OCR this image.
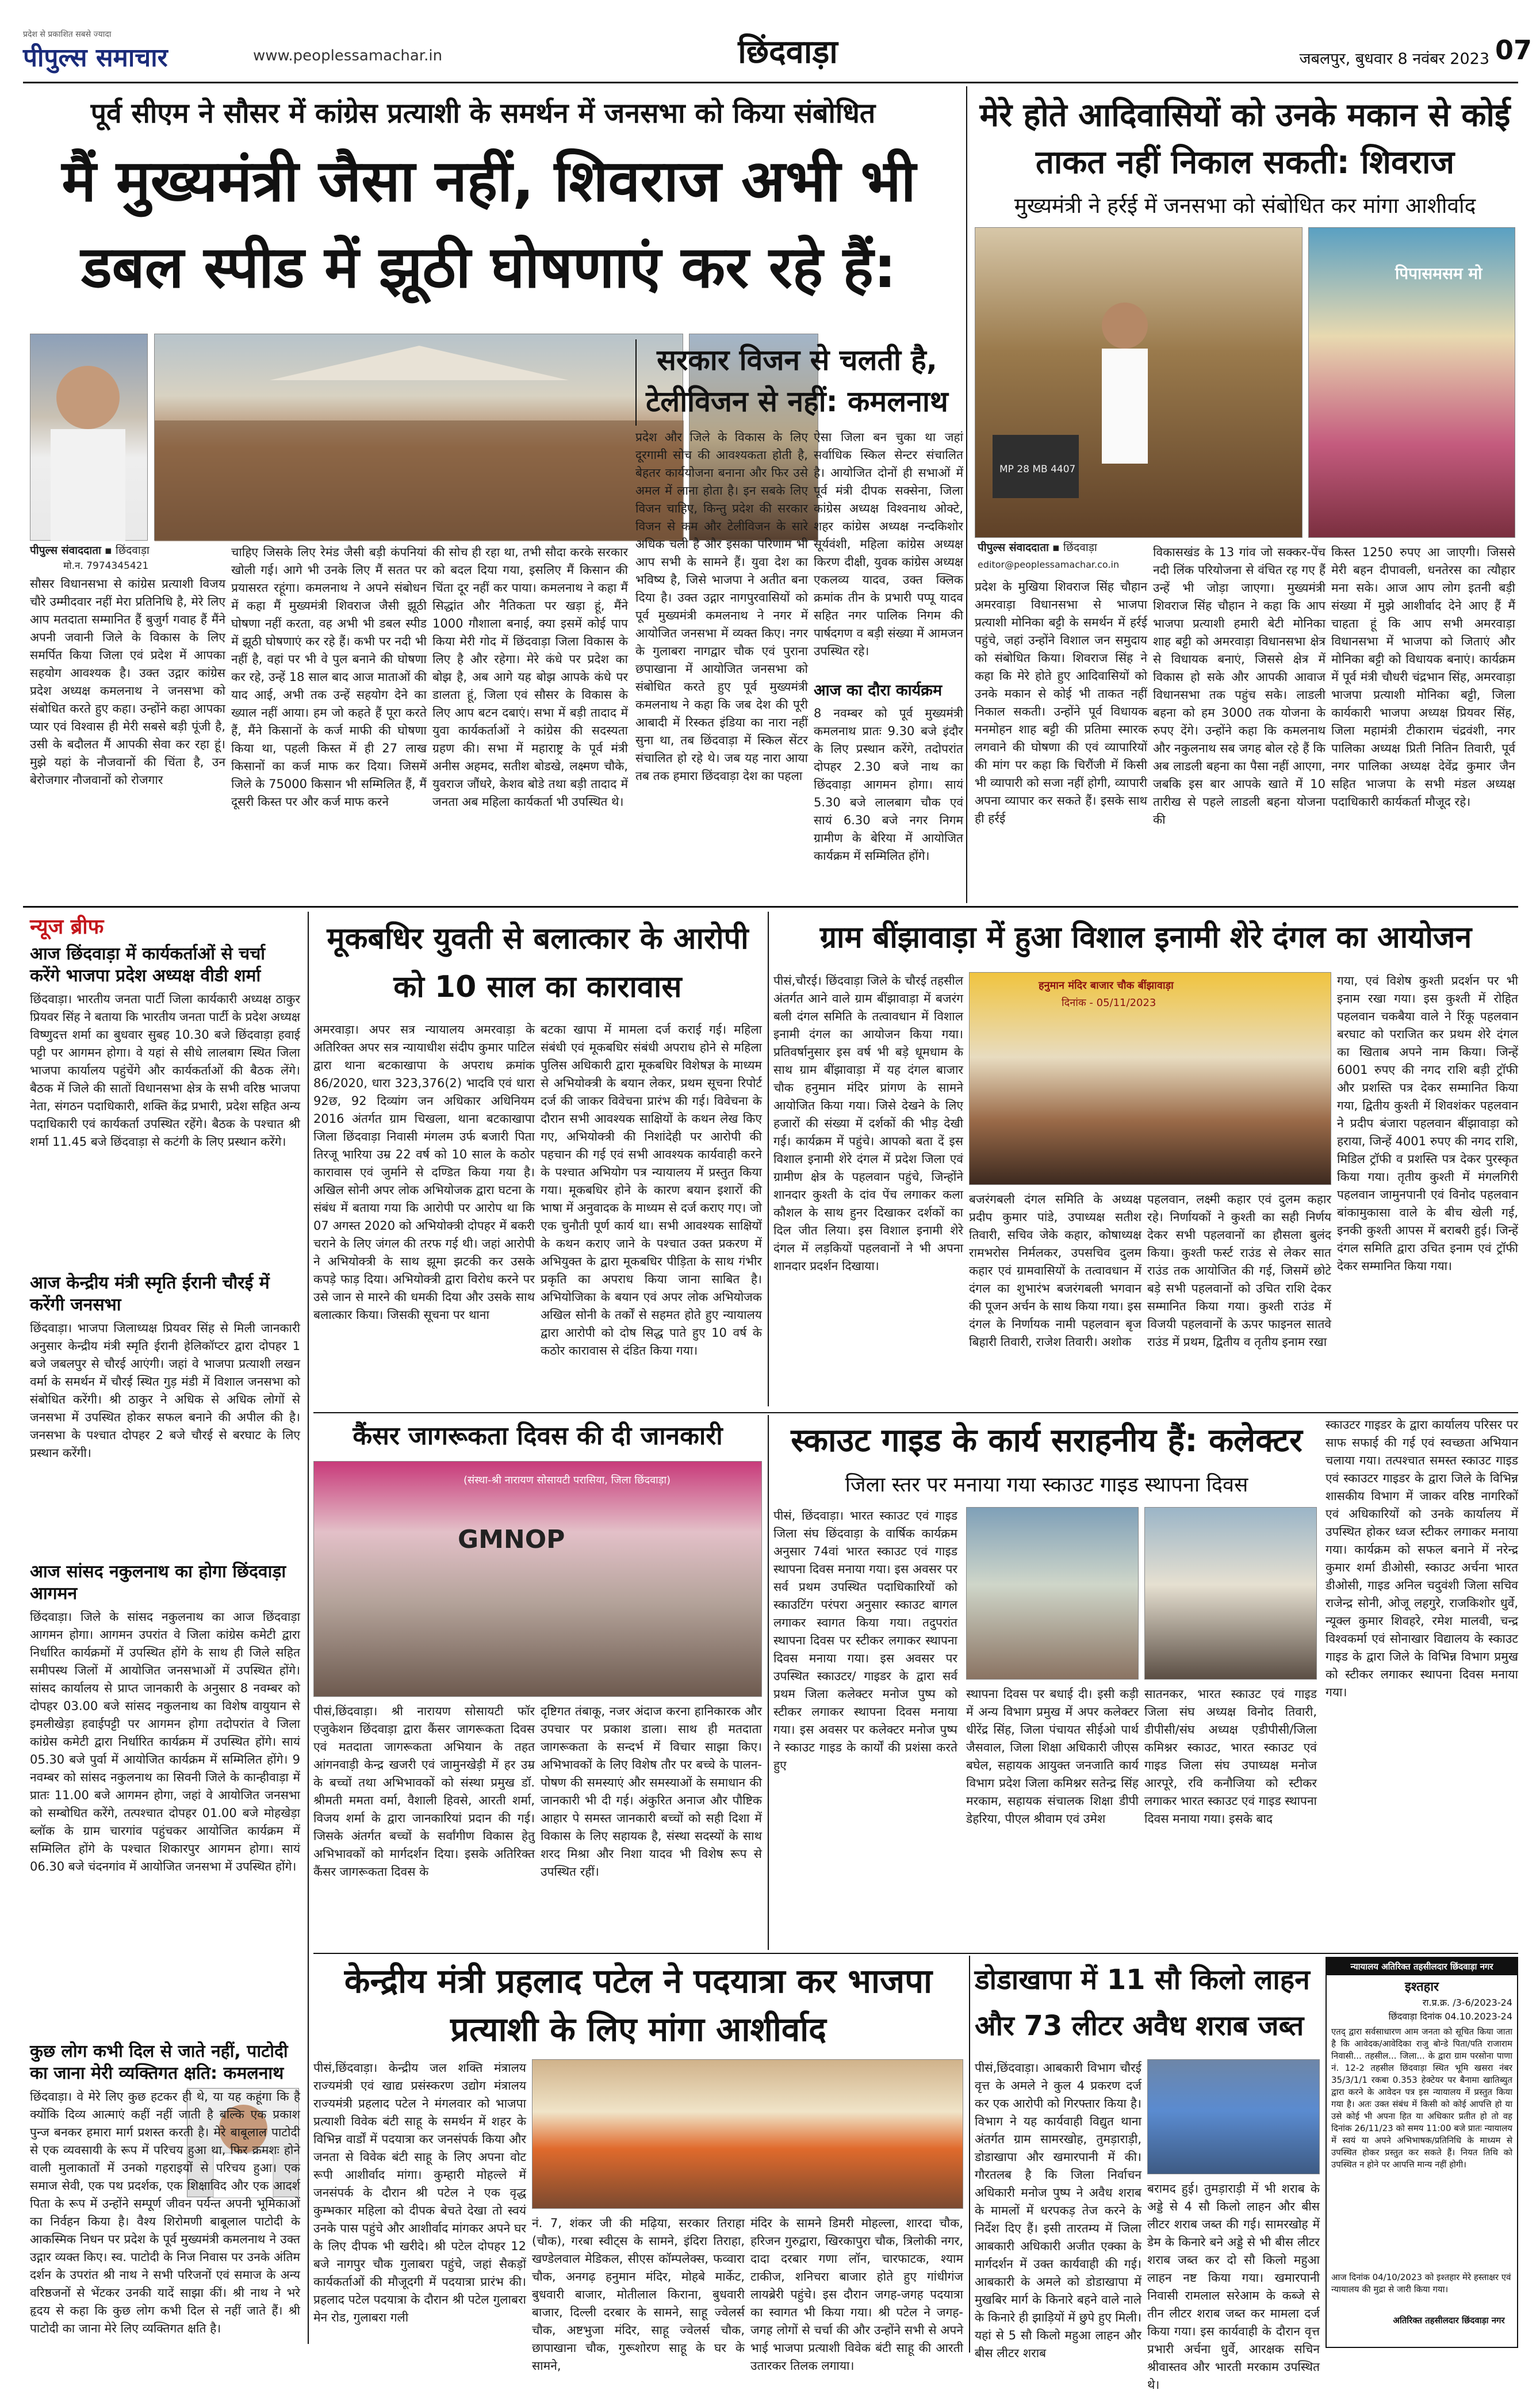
प्रदेश से प्रकाशित सबसे ज्यादा
पीपुल्स समाचार	www.peoplessamachar.in	छिंदवाड़ा	जबलपुर, बुधवार 8 नवंबर 2023 07
पूर्व सीएम ने सौसर में कांग्रेस प्रत्याशी के समर्थन में जनसभा को किया संबोधित
मैं मुख्यमंत्री जैसा नहीं, शिवराज अभी भी डबल स्पीड में झूठी घोषणाएं कर रहे हैं:
पीपुल्स संवाददाता ▪ छिंदवाड़ा
मो.न. 7974345421
सौसर विधानसभा से कांग्रेस प्रत्याशी विजय चौरे उम्मीदवार नहीं मेरा प्रतिनिधि है, मेरे लिए आप मतदाता सम्मानित हैं बुजुर्ग गवाह हैं मैंने अपनी जवानी जिले के विकास के लिए समर्पित किया जिला एवं प्रदेश में आपका सहयोग आवश्यक है। उक्त उद्गार कांग्रेस प्रदेश अध्यक्ष कमलनाथ ने जनसभा को संबोधित करते हुए कहा। उन्होंने कहा आपका प्यार एवं विश्वास ही मेरी सबसे बड़ी पूंजी है, उसी के बदौलत मैं आपकी सेवा कर रहा हूं। मुझे यहां के नौजवानों की चिंता है, उन बेरोजगार नौजवानों को रोजगार
चाहिए जिसके लिए रेमंड जैसी बड़ी कंपनियां खोली गई। आगे भी उनके लिए मैं सतत पर प्रयासरत रहूंगा। कमलनाथ ने अपने संबोधन में कहा मैं मुख्यमंत्री शिवराज जैसी झूठी घोषणा नहीं करता, वह अभी भी डबल स्पीड में झूठी घोषणाएं कर रहे हैं। कभी पर नदी भी नहीं है, वहां पर भी वे पुल बनाने की घोषणा कर रहे, उन्हें 18 साल बाद आज माताओं की याद आई, अभी तक उन्हें सहयोग देने का ख्याल नहीं आया। हम जो कहते हैं पूरा करते हैं, मैंने किसानों के कर्ज माफी की घोषणा किया था, पहली किस्त में ही 27 लाख किसानों का कर्ज माफ कर दिया। जिसमें जिले के 75000 किसान भी सम्मिलित हैं, मैं दूसरी किस्त पर और कर्ज माफ करने
की सोच ही रहा था, तभी सौदा करके सरकार को बदल दिया गया, इसलिए मैं किसान की चिंता दूर नहीं कर पाया। कमलनाथ ने कहा मैं सिद्धांत और नैतिकता पर खड़ा हूं, मैंने 1000 गौशाला बनाई, क्या इसमें कोई पाप किया मेरी गोद में छिंदवाड़ा जिला विकास के लिए है और रहेगा। मेरे कंधे पर प्रदेश का बोझ है, अब आगे यह बोझ आपके कंधे पर डालता हूं, जिला एवं सौसर के विकास के लिए आप बटन दबाएं। सभा में बड़ी तादाद में युवा कार्यकर्ताओं ने कांग्रेस की सदस्यता ग्रहण की। सभा में महाराष्ट्र के पूर्व मंत्री अनीस अहमद, सतीश बोडखे, लक्ष्मण चौके, युवराज जौंधरे, केशव बोडे तथा बड़ी तादाद में जनता अब महिला कार्यकर्ता भी उपस्थित थे।
सरकार विजन से चलती है, टेलीविजन से नहीं: कमलनाथ
प्रदेश और जिले के विकास के लिए दूरगामी सोच की आवश्यकता होती है, बेहतर कार्ययोजना बनाना और फिर उसे अमल में लाना होता है। इन सबके लिए विजन चाहिए, किन्तु प्रदेश की सरकार विजन से कम और टेलीविजन के सारे अधिक चली है और इसका परिणाम भी आप सभी के सामने हैं। युवा देश का भविष्य है, जिसे भाजपा ने अतीत बना दिया है। उक्त उद्गार नागपुरवासियों को पूर्व मुख्यमंत्री कमलनाथ ने नगर में आयोजित जनसभा में व्यक्त किए। नगर के गुलाबरा नागद्वार चौक एवं पुराना छपाखाना में आयोजित जनसभा को संबोधित करते हुए पूर्व मुख्यमंत्री कमलनाथ ने कहा कि जब देश की पूरी आबादी में रिस्कत इंडिया का नारा नहीं सुना था, तब छिंदवाड़ा में स्किल सेंटर संचालित हो रहे थे। जब यह नारा आया तब तक हमारा छिंदवाड़ा देश का पहला
ऐसा जिला बन चुका था जहां सर्वाधिक स्किल सेन्टर संचालित है। आयोजित दोनों ही सभाओं में पूर्व मंत्री दीपक सक्सेना, जिला कांग्रेस अध्यक्ष विश्वनाथ ओक्टे, शहर कांग्रेस अध्यक्ष नन्दकिशोर सूर्यवंशी, महिला कांग्रेस अध्यक्ष किरण दीक्षी, युवक कांग्रेस अध्यक्ष एकलव्य यादव, उक्त क्लिक क्रमांक तीन के प्रभारी पप्पू यादव सहित नगर पालिक निगम की पार्षदगण व बड़ी संख्या में आमजन उपस्थित रहे।
आज का दौरा कार्यक्रम
8 नवम्बर को पूर्व मुख्यमंत्री कमलनाथ प्रातः 9.30 बजे इंदौर के लिए प्रस्थान करेंगे, तदोपरांत दोपहर 2.30 बजे नाथ का छिंदवाड़ा आगमन होगा। सायं 5.30 बजे लालबाग चौक एवं सायं 6.30 बजे नगर निगम ग्रामीण के बेरिया में आयोजित कार्यक्रम में सम्मिलित होंगे।
मेरे होते आदिवासियों को उनके मकान से कोई ताकत नहीं निकाल सकती: शिवराज
मुख्यमंत्री ने हर्रई में जनसभा को संबोधित कर मांगा आशीर्वाद
MP 28 MB 4407
पिपासमसम मो
पीपुल्स संवाददाता ▪ छिंदवाड़ा
editor@peoplessamachar.co.in
प्रदेश के मुखिया शिवराज सिंह चौहान अमरवाड़ा विधानसभा से भाजपा प्रत्याशी मोनिका बट्टी के समर्थन में हर्रई पहुंचे, जहां उन्होंने विशाल जन समुदाय को संबोधित किया। शिवराज सिंह ने कहा कि मेरे होते हुए आदिवासियों को उनके मकान से कोई भी ताकत नहीं निकाल सकती। उन्होंने पूर्व विधायक मनमोहन शाह बट्टी की प्रतिमा स्मारक लगवाने की घोषणा की एवं व्यापारियों की मांग पर कहा कि चिरौंजी में किसी भी व्यापारी को सजा नहीं होगी, व्यापारी अपना व्यापार कर सकते हैं। इसके साथ ही हर्रई
विकासखंड के 13 गांव जो सक्कर-पेंच नदी लिंक परियोजना से वंचित रह गए हैं उन्हें भी जोड़ा जाएगा। मुख्यमंत्री शिवराज सिंह चौहान ने कहा कि आप भाजपा प्रत्याशी हमारी बेटी मोनिका शाह बट्टी को अमरवाड़ा विधानसभा क्षेत्र से विधायक बनाएं, जिससे क्षेत्र में विकास हो सके और आपकी आवाज विधानसभा तक पहुंच सके। लाडली बहना को हम 3000 तक योजना के रुपए देंगे। उन्होंने कहा कि कमलनाथ और नकुलनाथ सब जगह बोल रहे हैं कि अब लाडली बहना का पैसा नहीं आएगा, जबकि इस बार आपके खाते में 10 तारीख से पहले लाडली बहना योजना की
किस्त 1250 रुपए आ जाएगी। जिससे मेरी बहन दीपावली, धनतेरस का त्यौहार मना सके। आज आप लोग इतनी बड़ी संख्या में मुझे आशीर्वाद देने आए हैं मैं चाहता हूं कि आप सभी अमरवाड़ा विधानसभा में भाजपा को जिताएं और मोनिका बट्टी को विधायक बनाएं। कार्यक्रम में पूर्व मंत्री चौधरी चंद्रभान सिंह, अमरवाड़ा भाजपा प्रत्याशी मोनिका बट्टी, जिला कार्यकारी भाजपा अध्यक्ष प्रियवर सिंह, जिला महामंत्री टीकाराम चंद्रवंशी, नगर पालिका अध्यक्ष प्रिती नितिन तिवारी, पूर्व नगर पालिका अध्यक्ष देवेंद्र कुमार जैन सहित भाजपा के सभी मंडल अध्यक्ष पदाधिकारी कार्यकर्ता मौजूद रहे।
न्यूज ब्रीफ
आज छिंदवाड़ा में कार्यकर्ताओं से चर्चा करेंगे भाजपा प्रदेश अध्यक्ष वीडी शर्मा
छिंदवाड़ा। भारतीय जनता पार्टी जिला कार्यकारी अध्यक्ष ठाकुर प्रियवर सिंह ने बताया कि भारतीय जनता पार्टी के प्रदेश अध्यक्ष विष्णुदत्त शर्मा का बुधवार सुबह 10.30 बजे छिंदवाड़ा हवाई पट्टी पर आगमन होगा। वे यहां से सीधे लालबाग स्थित जिला भाजपा कार्यालय पहुंचेंगे और कार्यकर्ताओं की बैठक लेंगे। बैठक में जिले की सातों विधानसभा क्षेत्र के सभी वरिष्ठ भाजपा नेता, संगठन पदाधिकारी, शक्ति केंद्र प्रभारी, प्रदेश सहित अन्य पदाधिकारी एवं कार्यकर्ता उपस्थित रहेंगे। बैठक के पश्चात श्री शर्मा 11.45 बजे छिंदवाड़ा से कटंगी के लिए प्रस्थान करेंगे।
आज केन्द्रीय मंत्री स्मृति ईरानी चौरई में करेंगी जनसभा
छिंदवाड़ा। भाजपा जिलाध्यक्ष प्रियवर सिंह से मिली जानकारी अनुसार केन्द्रीय मंत्री स्मृति ईरानी हेलिकॉप्टर द्वारा दोपहर 1 बजे जबलपुर से चौरई आएंगी। जहां वे भाजपा प्रत्याशी लखन वर्मा के समर्थन में चौरई स्थित गुड़ मंडी में विशाल जनसभा को संबोधित करेंगी। श्री ठाकुर ने अधिक से अधिक लोगों से जनसभा में उपस्थित होकर सफल बनाने की अपील की है। जनसभा के पश्चात दोपहर 2 बजे चौरई से बरघाट के लिए प्रस्थान करेंगी।
आज सांसद नकुलनाथ का होगा छिंदवाड़ा आगमन
छिंदवाड़ा। जिले के सांसद नकुलनाथ का आज छिंदवाड़ा आगमन होगा। आगमन उपरांत वे जिला कांग्रेस कमेटी द्वारा निर्धारित कार्यक्रमों में उपस्थित होंगे के साथ ही जिले सहित समीपस्थ जिलों में आयोजित जनसभाओं में उपस्थित होंगे। सांसद कार्यालय से प्राप्त जानकारी के अनुसार 8 नवम्बर को दोपहर 03.00 बजे सांसद नकुलनाथ का विशेष वायुयान से इमलीखेड़ा हवाईपट्टी पर आगमन होगा तदोपरांत वे जिला कांग्रेस कमेटी द्वारा निर्धारित कार्यक्रम में उपस्थित होंगे। सायं 05.30 बजे पुर्वा में आयोजित कार्यक्रम में सम्मिलित होंगे। 9 नवम्बर को सांसद नकुलनाथ का सिवनी जिले के कान्हीवाड़ा में प्रातः 11.00 बजे आगमन होगा, जहां वे आयोजित जनसभा को सम्बोधित करेंगे, तत्पश्चात दोपहर 01.00 बजे मोहखेड़ा ब्लॉक के ग्राम चारगांव पहुंचकर आयोजित कार्यक्रम में सम्मिलित होंगे के पश्चात शिकारपुर आगमन होगा। सायं 06.30 बजे चंदनगांव में आयोजित जनसभा में उपस्थित होंगे।
कुछ लोग कभी दिल से जाते नहीं, पाटोदी का जाना मेरी व्यक्तिगत क्षति: कमलनाथ
छिंदवाड़ा। वे मेरे लिए कुछ हटकर ही थे, या यह कहूंगा कि है क्योंकि दिव्य आत्माएं कहीं नहीं जाती है बल्कि एक प्रकाश पुन्ज बनकर हमारा मार्ग प्रशस्त करती है। मेरे बाबूलाल पाटोदी से एक व्यवसायी के रूप में परिचय हुआ था, फिर क्रमशः होने वाली मुलाकातों में उनको गहराइयों से परिचय हुआ। एक समाज सेवी, एक पथ प्रदर्शक, एक शिक्षाविद और एक आदर्श पिता के रूप में उन्होंने सम्पूर्ण जीवन पर्यन्त अपनी भूमिकाओं का निर्वहन किया है। वैश्य शिरोमणी बाबूलाल पाटोदी के आकस्मिक निधन पर प्रदेश के पूर्व मुख्यमंत्री कमलनाथ ने उक्त उद्गार व्यक्त किए। स्व. पाटोदी के निज निवास पर उनके अंतिम दर्शन के उपरांत श्री नाथ ने सभी परिजनों एवं समाज के अन्य वरिष्ठजनों से भेंटकर उनकी यादें साझा कीं। श्री नाथ ने भरे हृदय से कहा कि कुछ लोग कभी दिल से नहीं जाते हैं। श्री पाटोदी का जाना मेरे लिए व्यक्तिगत क्षति है।
मूकबधिर युवती से बलात्कार के आरोपी को 10 साल का कारावास
अमरवाड़ा। अपर सत्र न्यायालय अमरवाड़ा के अतिरिक्त अपर सत्र न्यायाधीश संदीप कुमार पाटिल द्वारा थाना बटकाखापा के अपराध क्रमांक 86/2020, धारा 323,376(2) भादवि एवं धारा 92छ, 92 दिव्यांग जन अधिकार अधिनियम 2016 अंतर्गत ग्राम चिखला, थाना बटकाखापा जिला छिंदवाड़ा निवासी मंगलम उर्फ बजारी पिता तिरजू भारिया उम्र 22 वर्ष को 10 साल के कठोर कारावास एवं जुर्माने से दण्डित किया गया है। अखिल सोनी अपर लोक अभियोजक द्वारा घटना के संबंध में बताया गया कि आरोपी पर आरोप था कि 07 अगस्त 2020 को अभियोक्त्री दोपहर में बकरी चराने के लिए जंगल की तरफ गई थी। जहां आरोपी ने अभियोक्त्री के साथ झूमा झटकी कर उसके कपड़े फाड़ दिया। अभियोक्त्री द्वारा विरोध करने पर उसे जान से मारने की धमकी दिया और उसके साथ बलात्कार किया। जिसकी सूचना पर थाना
बटका खापा में मामला दर्ज कराई गई। महिला संबंधी एवं मूकबधिर संबंधी अपराध होने से महिला पुलिस अधिकारी द्वारा मूकबधिर विशेषज्ञ के माध्यम से अभियोक्त्री के बयान लेकर, प्रथम सूचना रिपोर्ट दर्ज की जाकर विवेचना प्रारंभ की गई। विवेचना के दौरान सभी आवश्यक साक्षियों के कथन लेख किए गए, अभियोक्त्री की निशांदेही पर आरोपी की पहचान की गई एवं सभी आवश्यक कार्यवाही करने के पश्चात अभियोग पत्र न्यायालय में प्रस्तुत किया गया। मूकबधिर होने के कारण बयान इशारों की भाषा में अनुवादक के माध्यम से दर्ज कराए गए। जो एक चुनौती पूर्ण कार्य था। सभी आवश्यक साक्षियों के कथन कराए जाने के पश्चात उक्त प्रकरण में अभियुक्त के द्वारा मूकबधिर पीड़िता के साथ गंभीर प्रकृति का अपराध किया जाना साबित है। अभियोजिका के बयान एवं अपर लोक अभियोजक अखिल सोनी के तर्कों से सहमत होते हुए न्यायालय द्वारा आरोपी को दोष सिद्ध पाते हुए 10 वर्ष के कठोर कारावास से दंडित किया गया।
ग्राम बींझावाड़ा में हुआ विशाल इनामी शेरे दंगल का आयोजन
पीसं,चौरई। छिंदवाड़ा जिले के चौरई तहसील अंतर्गत आने वाले ग्राम बींझावाड़ा में बजरंग बली दंगल समिति के तत्वावधान में विशाल इनामी दंगल का आयोजन किया गया। प्रतिवर्षानुसार इस वर्ष भी बड़े धूमधाम के साथ ग्राम बींझावाड़ा में यह दंगल बाजार चौक हनुमान मंदिर प्रांगण के सामने आयोजित किया गया। जिसे देखने के लिए हजारों की संख्या में दर्शकों की भीड़ देखी गई। कार्यक्रम में पहुंचे। आपको बता दें इस विशाल इनामी शेरे दंगल में प्रदेश जिला एवं ग्रामीण क्षेत्र के पहलवान पहुंचे, जिन्होंने शानदार कुश्ती के दांव पेंच लगाकर कला कौशल के साथ हुनर दिखाकर दर्शकों का दिल जीत लिया। इस विशाल इनामी शेरे दंगल में लड़कियों पहलवानों ने भी अपना शानदार प्रदर्शन दिखाया।
हनुमान मंदिर बाजार चौक बींझावाड़ा
दिनांक - 05/11/2023
बजरंगबली दंगल समिति के अध्यक्ष प्रदीप कुमार पांडे, उपाध्यक्ष सतीश तिवारी, सचिव जेके कहार, कोषाध्यक्ष रामभरोस निर्मलकर, उपसचिव दुलम कहार एवं ग्रामवासियों के तत्वावधान में दंगल का शुभारंभ बजरंगबली भगवान की पूजन अर्चन के साथ किया गया। इस दंगल के निर्णायक नामी पहलवान बृज बिहारी तिवारी, राजेश तिवारी। अशोक
पहलवान, लक्ष्मी कहार एवं दुलम कहार रहे। निर्णायकों ने कुश्ती का सही निर्णय देकर सभी पहलवानों का हौसला बुलंद किया। कुश्ती फर्स्ट राउंड से लेकर सात राउंड तक आयोजित की गई, जिसमें छोटे बड़े सभी पहलवानों को उचित राशि देकर सम्मानित किया गया। कुश्ती राउंड में विजयी पहलवानों के ऊपर फाइनल सातवे राउंड में प्रथम, द्वितीय व तृतीय इनाम रखा
गया, एवं विशेष कुश्ती प्रदर्शन पर भी इनाम रखा गया। इस कुश्ती में रोहित पहलवान चकबैया वाले ने रिंकू पहलवान बरघाट को पराजित कर प्रथम शेरे दंगल का खिताब अपने नाम किया। जिन्हें 6001 रुपए की नगद राशि बड़ी ट्रॉफी और प्रशस्ति पत्र देकर सम्मानित किया गया, द्वितीय कुश्ती में शिवशंकर पहलवान ने प्रदीप बंजारा पहलवान बींझावाड़ा को हराया, जिन्हें 4001 रुपए की नगद राशि, मिडिल ट्रॉफी व प्रशस्ति पत्र देकर पुरस्कृत किया गया। तृतीय कुश्ती में मंगलगिरी पहलवान जामुनपानी एवं विनोद पहलवान बांकामुकासा वाले के बीच खेली गई, इनकी कुश्ती आपस में बराबरी हुई। जिन्हें दंगल समिति द्वारा उचित इनाम एवं ट्रॉफी देकर सम्मानित किया गया।
कैंसर जागरूकता दिवस की दी जानकारी
(संस्था-श्री नारायण सोसायटी परासिया, जिला छिंदवाड़ा)
GMNOP
पीसं,छिंदवाड़ा। श्री नारायण सोसायटी फॉर एजुकेशन छिंदवाड़ा द्वारा कैंसर जागरूकता दिवस एवं मतदाता जागरूकता अभियान के तहत आंगनवाड़ी केन्द्र खजरी एवं जामुनखेड़ी में हर उम्र के बच्चों तथा अभिभावकों को संस्था प्रमुख डॉ. श्रीमती ममता वर्मा, वैशाली हिवसे, आरती शर्मा, विजय शर्मा के द्वारा जानकारियां प्रदान की गई। जिसके अंतर्गत बच्चों के सर्वांगीण विकास हेतु अभिभावकों को मार्गदर्शन दिया। इसके अतिरिक्त कैंसर जागरूकता दिवस के
दृष्टिगत तंबाकू, नजर अंदाज करना हानिकारक और उपचार पर प्रकाश डाला। साथ ही मतदाता जागरूकता के सन्दर्भ में विचार साझा किए। अभिभावकों के लिए विशेष तौर पर बच्चे के पालन-पोषण की समस्याएं और समस्याओं के समाधान की जानकारी भी दी गई। अंकुरित अनाज और पौष्टिक आहार पे समस्त जानकारी बच्चों को सही दिशा में विकास के लिए सहायक है, संस्था सदस्यों के साथ शरद मिश्रा और निशा यादव भी विशेष रूप से उपस्थित रहीं।
स्काउट गाइड के कार्य सराहनीय हैं: कलेक्टर
जिला स्तर पर मनाया गया स्काउट गाइड स्थापना दिवस
पीसं, छिंदवाड़ा। भारत स्काउट एवं गाइड जिला संघ छिंदवाड़ा के वार्षिक कार्यक्रम अनुसार 74वां भारत स्काउट एवं गाइड स्थापना दिवस मनाया गया। इस अवसर पर सर्व प्रथम उपस्थित पदाधिकारियों को स्काउटिंग परंपरा अनुसार स्काउट बागल लगाकर स्वागत किया गया। तदुपरांत स्थापना दिवस पर स्टीकर लगाकर स्थापना दिवस मनाया गया। इस अवसर पर उपस्थित स्काउटर/ गाइडर के द्वारा सर्व प्रथम जिला कलेक्टर मनोज पुष्प को स्टीकर लगाकर स्थापना दिवस मनाया गया। इस अवसर पर कलेक्टर मनोज पुष्प ने स्काउट गाइड के कार्यों की प्रशंसा करते हुए
स्थापना दिवस पर बधाई दी। इसी कड़ी में अन्य विभाग प्रमुख में अपर कलेक्टर धीरेंद्र सिंह, जिला पंचायत सीईओ पार्थ जैसवाल, जिला शिक्षा अधिकारी जीएस बघेल, सहायक आयुक्त जनजाति कार्य विभाग प्रदेश जिला कमिश्नर सतेन्द्र सिंह मरकाम, सहायक संचालक शिक्षा डीपी डेहरिया, पीएल श्रीवाम एवं उमेश
सातनकर, भारत स्काउट एवं गाइड जिला संघ अध्यक्ष विनोद तिवारी, डीपीसी/संघ अध्यक्ष एडीपीसी/जिला कमिश्नर स्काउट, भारत स्काउट एवं गाइड जिला संघ उपाध्यक्ष मनोज आरपूरे, रवि कनौजिया को स्टीकर लगाकर भारत स्काउट एवं गाइड स्थापना दिवस मनाया गया। इसके बाद
स्काउटर गाइडर के द्वारा कार्यालय परिसर पर साफ सफाई की गई एवं स्वच्छता अभियान चलाया गया। तत्पश्चात समस्त स्काउट गाइड एवं स्काउटर गाइडर के द्वारा जिले के विभिन्न शासकीय विभाग में जाकर वरिष्ठ नागरिकों एवं अधिकारियों को उनके कार्यालय में उपस्थित होकर ध्वज स्टीकर लगाकर मनाया गया। कार्यक्रम को सफल बनाने में नरेन्द्र कुमार शर्मा डीओसी, स्काउट अर्चना भारत डीओसी, गाइड अनिल चदुवंशी जिला सचिव राजेन्द्र सोनी, ओजू लहगुरे, राजकिशोर धुर्वे, न्यूक्ल कुमार शिवहरे, रमेश मालवी, चन्द्र विश्वकर्मा एवं सोनाखार विद्यालय के स्काउट गाइड के द्वारा जिले के विभिन्न विभाग प्रमुख को स्टीकर लगाकर स्थापना दिवस मनाया गया।
केन्द्रीय मंत्री प्रहलाद पटेल ने पदयात्रा कर भाजपा प्रत्याशी के लिए मांगा आशीर्वाद
पीसं,छिंदवाड़ा। केन्द्रीय जल शक्ति मंत्रालय राज्यमंत्री एवं खाद्य प्रसंस्करण उद्योग मंत्रालय राज्यमंत्री प्रहलाद पटेल ने मंगलवार को भाजपा प्रत्याशी विवेक बंटी साहू के समर्थन में शहर के विभिन्न वार्डों में पदयात्रा कर जनसंपर्क किया और जनता से विवेक बंटी साहू के लिए अपना वोट रूपी आशीर्वाद मांगा। कुम्हारी मोहल्ले में जनसंपर्क के दौरान श्री पटेल ने एक वृद्ध कुम्भकार महिला को दीपक बेचते देखा तो स्वयं उनके पास पहुंचे और आशीर्वाद मांगकर अपने घर के लिए दीपक भी खरीदे। श्री पटेल दोपहर 12 बजे नागपुर चौक गुलाबरा पहुंचे, जहां सैकड़ों कार्यकर्ताओं की मौजूदगी में पदयात्रा प्रारंभ की। प्रहलाद पटेल पदयात्रा के दौरान श्री पटेल गुलाबरा मेन रोड, गुलाबरा गली
नं. 7, शंकर जी की मढ़िया, सरकार तिराहा (चौक), गरबा स्वीट्स के सामने, इंदिरा तिराहा, खण्डेलवाल मेडिकल, सीएस कॉम्पलेक्स, फव्वारा चौक, अनगढ़ हनुमान मंदिर, मोहबे मार्केट, बुधवारी बाजार, मोतीलाल किराना, बुधवारी बाजार, दिल्ली दरबार के सामने, साहू ज्वेलर्स चौक, अष्टभुजा मंदिर, साहू ज्वेलर्स चौक, छापाखाना चौक, गुरूशोरण साहू के घर के सामने,
मंदिर के सामने डिमरी मोहल्ला, शारदा चौक, हरिजन गुरुद्वारा, खिरकापुरा चौक, त्रिलोकी नगर, दादा दरबार गणा लॉन, चारफाटक, श्याम टाकीज, शनिचरा बाजार होते हुए गांधीगंज लायब्रेरी पहुंचे। इस दौरान जगह-जगह पदयात्रा का स्वागत भी किया गया। श्री पटेल ने जगह-जगह लोगों से चर्चा की और उन्होंने सभी से अपने भाई भाजपा प्रत्याशी विवेक बंटी साहू की आरती उतारकर तिलक लगाया।
डोडाखापा में 11 सौ किलो लाहन और 73 लीटर अवैध शराब जब्त
पीसं,छिंदवाड़ा। आबकारी विभाग चौरई वृत्त के अमले ने कुल 4 प्रकरण दर्ज कर एक आरोपी को गिरफ्तार किया है। विभाग ने यह कार्यवाही विद्युत थाना अंतर्गत ग्राम सामरखोह, तुमड़ाराड़ी, डोडाखापा और खमारपानी में की। गौरतलब है कि जिला निर्वाचन अधिकारी मनोज पुष्प ने अवैध शराब के मामलों में धरपकड़ तेज करने के निर्देश दिए हैं। इसी तारतम्य में जिला आबकारी अधिकारी अजीत एक्का के मार्गदर्शन में उक्त कार्यवाही की गई। आबकारी के अमले को डोडाखापा में मुखबिर मार्ग के किनारे बहने वाले नाले के किनारे ही झाड़ियों में छुपे हुए मिली। यहां से 5 सौ किलो महुआ लाहन और बीस लीटर शराब
बरामद हुई। तुमड़ाराड़ी में भी शराब के अड्डे से 4 सौ किलो लाहन और बीस लीटर शराब जब्त की गई। सामरखोह में डेम के किनारे बने अड्डे से भी बीस लीटर शराब जब्त कर दो सौ किलो महुआ लाहन नष्ट किया गया। खमारपानी निवासी रामलाल सरेआम के कब्जे से तीन लीटर शराब जब्त कर मामला दर्ज किया गया। इस कार्यवाही के दौरान वृत्त प्रभारी अर्चना धुर्वे, आरक्षक सचिन श्रीवास्तव और भारती मरकाम उपस्थित थे।
न्यायालय अतिरिक्त तहसीलदार छिंदवाड़ा नगर
इश्तहार
रा.प्र.क्र. /3-6/2023-24
छिंदवाड़ा दिनांक 04.10.2023-24
एतद् द्वारा सर्वसाधारण आम जनता को सूचित किया जाता है कि आवेदक/आवेदिका राजु बोन्डे पिता/पति राजाराम निवासी... तहसील... जिला... के द्वारा ग्राम परसोना पाणा नं. 12-2 तहसील छिंदवाड़ा स्थित भूमि खसरा नंबर 35/3/1/1 रकबा 0.353 हेक्टेयर पर बैनामा खातिब्युत द्वारा करने के आवेदन पत्र इस न्यायालय में प्रस्तुत किया गया है। अतः उक्त संबंध में किसी को कोई आपत्ति हो या उसे कोई भी अपना हित या अधिकार प्रतीत हो तो वह दिनांक 26/11/23 को समय 11:00 बजे प्रातः न्यायालय में स्वयं या अपने अभिभाषक/प्रतिनिधि के माध्यम से उपस्थित होकर प्रस्तुत कर सकते हैं। नियत तिथि को उपस्थित न होने पर आपत्ति मान्य नहीं होगी।
आज दिनांक 04/10/2023 को इश्तहार मेरे हस्ताक्षर एवं न्यायालय की मुद्रा से जारी किया गया।
अतिरिक्त तहसीलदार छिंदवाड़ा नगर
